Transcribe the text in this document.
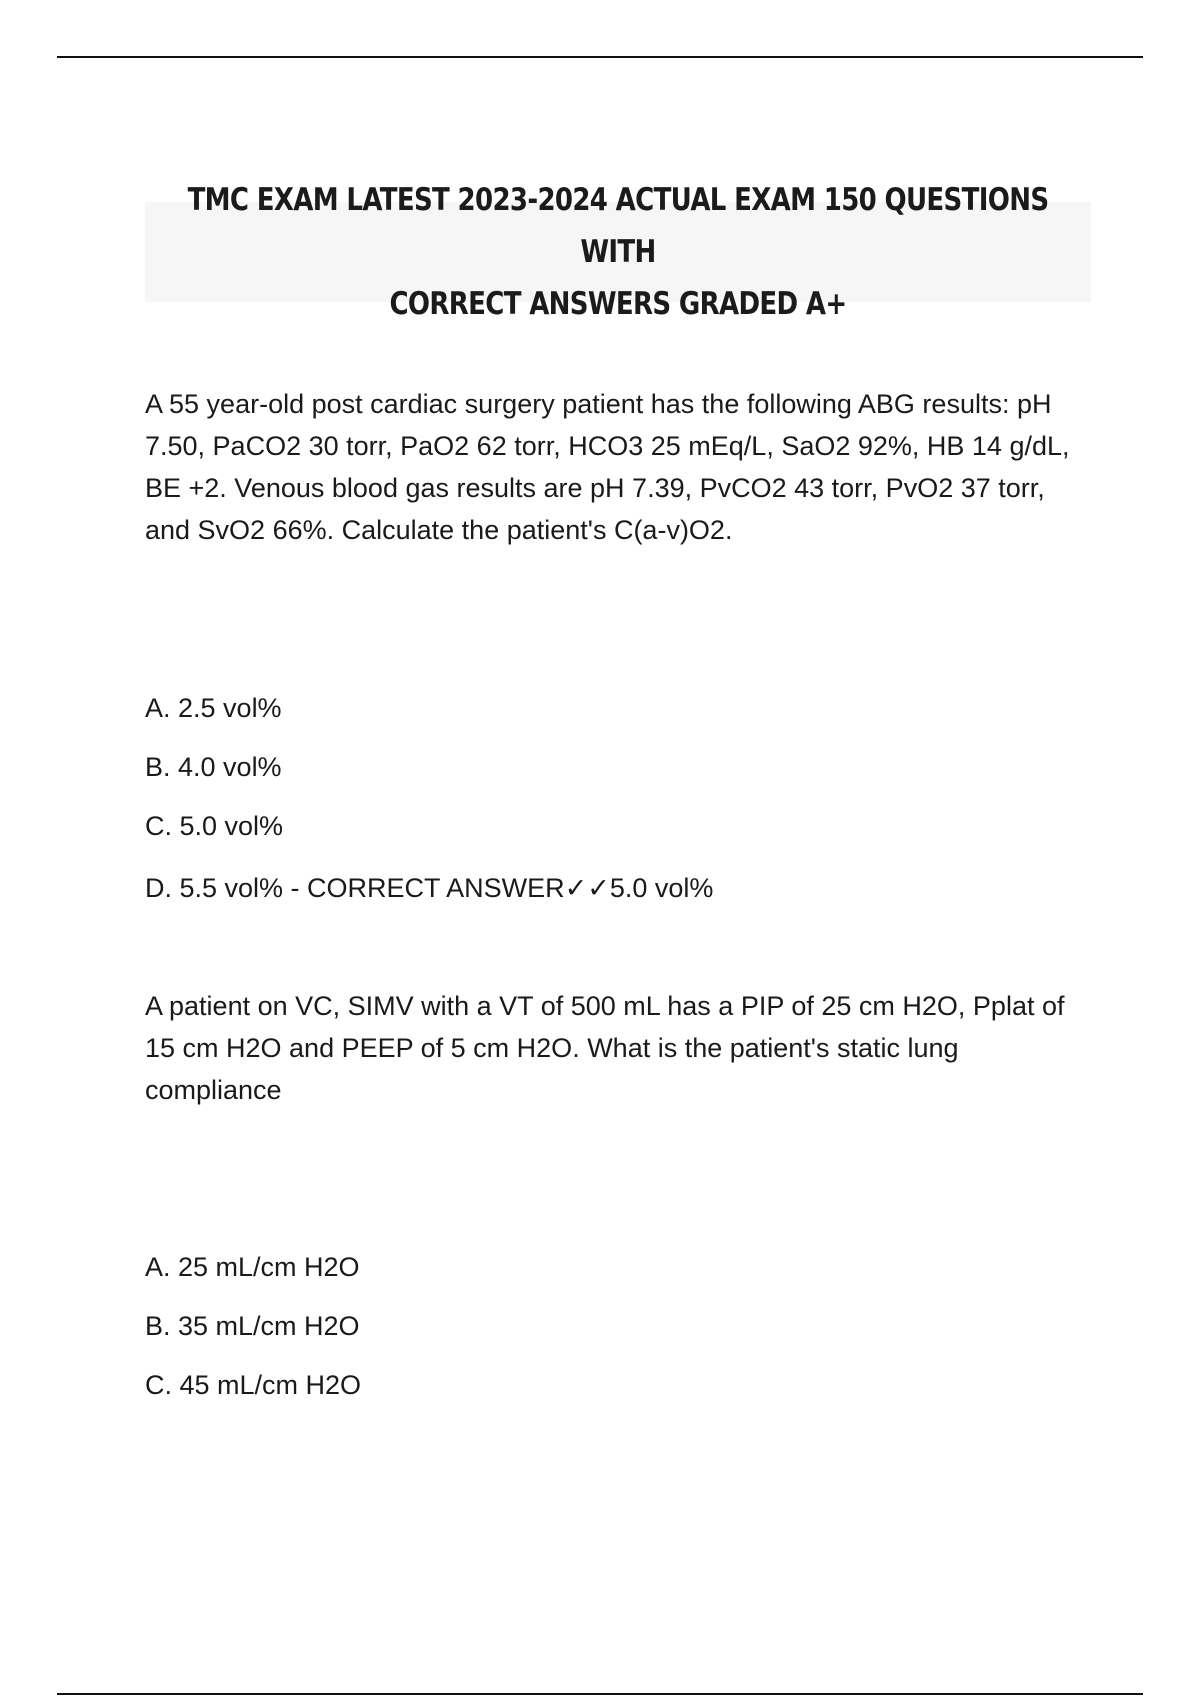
TMC EXAM LATEST 2023-2024 ACTUAL EXAM 150 QUESTIONS WITH
CORRECT ANSWERS GRADED A+

A 55 year-old post cardiac surgery patient has the following ABG results: pH 7.50, PaCO2 30 torr, PaO2 62 torr, HCO3 25 mEq/L, SaO2 92%, HB 14 g/dL, BE +2. Venous blood gas results are pH 7.39, PvCO2 43 torr, PvO2 37 torr, and SvO2 66%. Calculate the patient's C(a-v)O2.

A. 2.5 vol%

B. 4.0 vol%

C. 5.0 vol%

D. 5.5 vol% - CORRECT ANSWER✓✓5.0 vol%

A patient on VC, SIMV with a VT of 500 mL has a PIP of 25 cm H2O, Pplat of 15 cm H2O and PEEP of 5 cm H2O. What is the patient's static lung compliance

A. 25 mL/cm H2O

B. 35 mL/cm H2O

C. 45 mL/cm H2O
